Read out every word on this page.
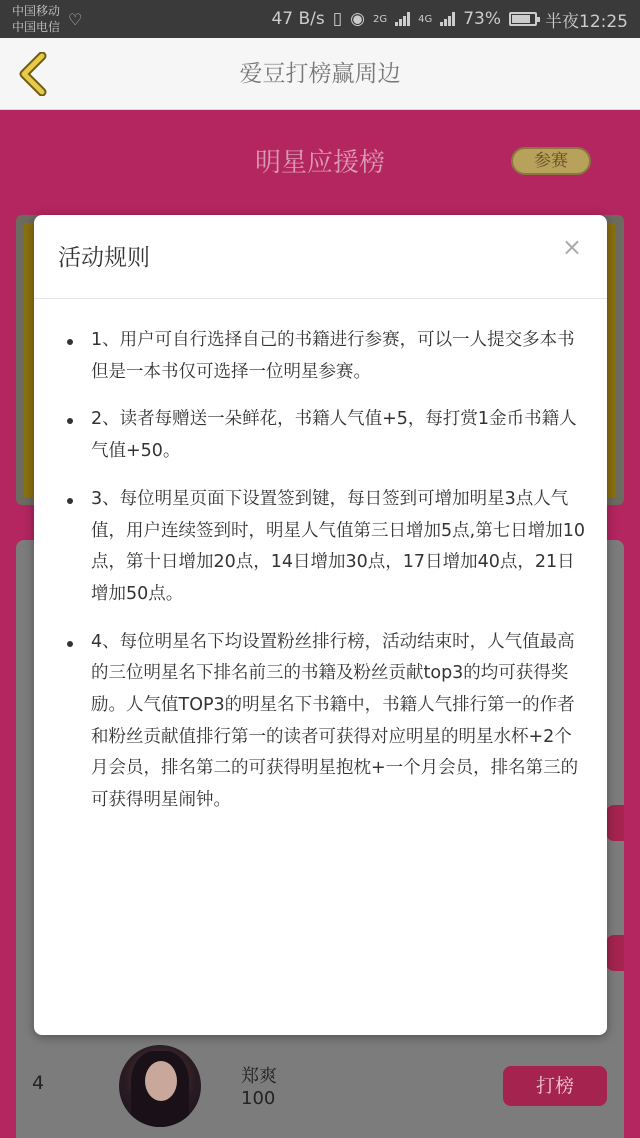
中国移动
中国电信 ♡	47 B/s ▯ ◉ 2G	4G 73%	半夜12:25
爱豆打榜赢周边
明星应援榜	参赛
4	郑爽
100
打榜
活动规则	×
1、用户可自行选择自己的书籍进行参赛，可以一人提交多本书但是一本书仅可选择一位明星参赛。
2、读者每赠送一朵鲜花，书籍人气值+5，每打赏1金币书籍人气值+50。
3、每位明星页面下设置签到键，每日签到可增加明星3点人气值，用户连续签到时，明星人气值第三日增加5点,第七日增加10点，第十日增加20点，14日增加30点，17日增加40点，21日增加50点。
4、每位明星名下均设置粉丝排行榜，活动结束时，人气值最高的三位明星名下排名前三的书籍及粉丝贡献top3的均可获得奖励。人气值TOP3的明星名下书籍中，书籍人气排行第一的作者和粉丝贡献值排行第一的读者可获得对应明星的明星水杯+2个月会员，排名第二的可获得明星抱枕+一个月会员，排名第三的可获得明星闹钟。
